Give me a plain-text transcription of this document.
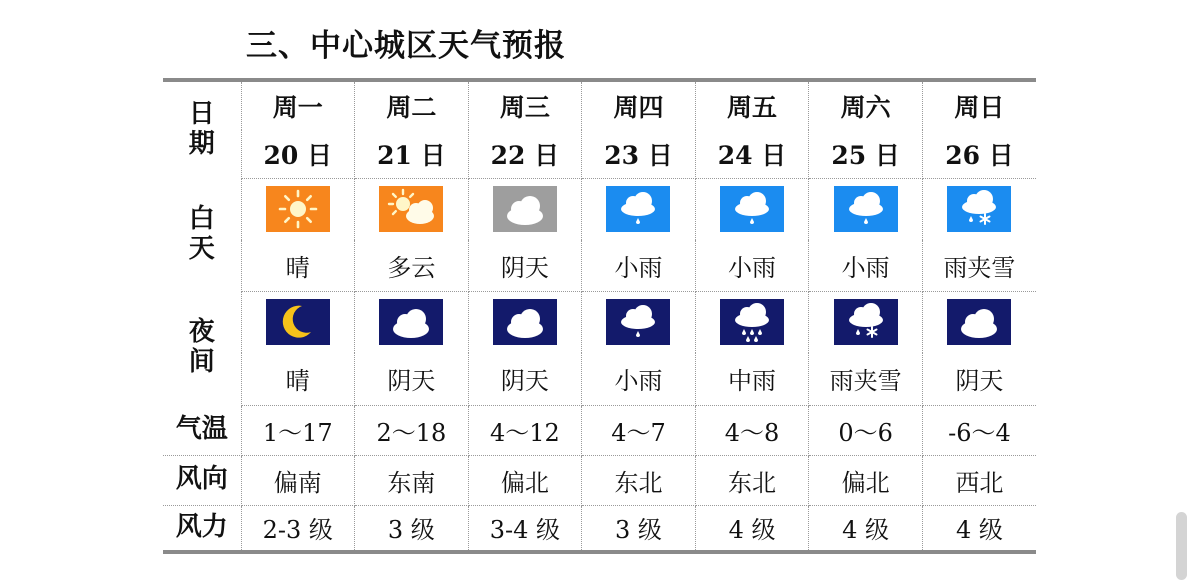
三、中心城区天气预报
日
期	周一	周二	周三	周四	周五	周六	周日
	20 日	21 日	22 日	23 日	24 日	25 日	26 日

白
天

	晴	多云	阴天	小雨	小雨	小雨	雨夹雪

夜
间

	晴	阴天	阴天	小雨	中雨	雨夹雪	阴天
气温	1～17	2～18	4～12	4～7	4～8	0～6	-6～4
风向	偏南	东南	偏北	东北	东北	偏北	西北
风力	2-3 级	3 级	3-4 级	3 级	4 级	4 级	4 级
